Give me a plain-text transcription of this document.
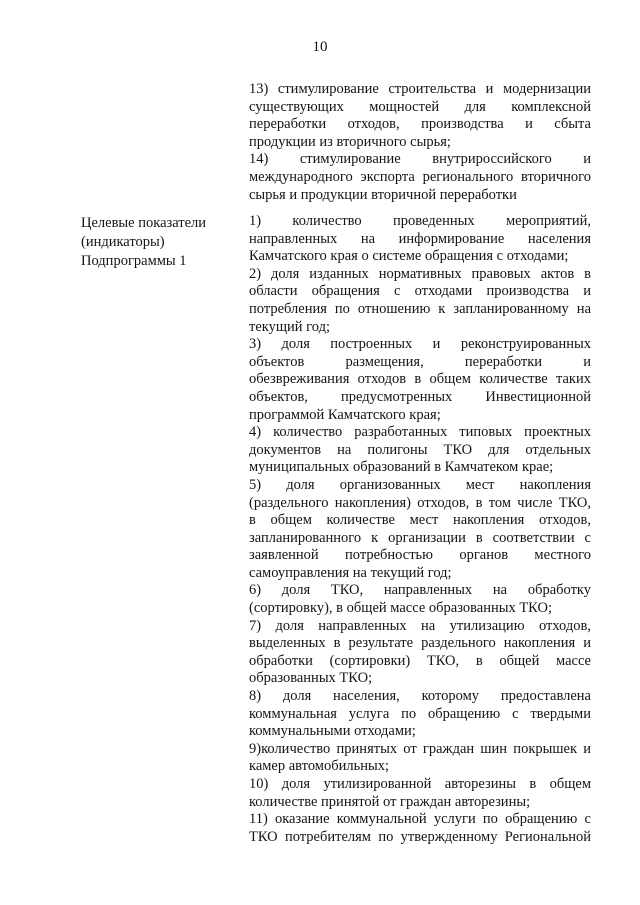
10
13) стимулирование строительства и модернизации
существующих мощностей для комплексной
переработки отходов, производства и сбыта
продукции из вторичного сырья;
14) стимулирование внутрироссийского и
международного экспорта регионального вторичного
сырья и продукции вторичной переработки
Целевые показатели
(индикаторы)
Подпрограммы 1
1) количество проведенных мероприятий,
направленных на информирование населения
Камчатского края о системе обращения с отходами;
2) доля изданных нормативных правовых актов в
области обращения с отходами производства и
потребления по отношению к запланированному на
текущий год;
3) доля построенных и реконструированных
объектов размещения, переработки и
обезвреживания отходов в общем количестве таких
объектов, предусмотренных Инвестиционной
программой Камчатского края;
4) количество разработанных типовых проектных
документов на полигоны ТКО для отдельных
муниципальных образований в Камчатеком крае;
5) доля организованных мест накопления
(раздельного накопления) отходов, в том числе ТКО,
в общем количестве мест накопления отходов,
запланированного к организации в соответствии с
заявленной потребностью органов местного
самоуправления на текущий год;
6) доля ТКО, направленных на обработку
(сортировку), в общей массе образованных ТКО;
7) доля направленных на утилизацию отходов,
выделенных в результате раздельного накопления и
обработки (сортировки) ТКО, в общей массе
образованных ТКО;
8) доля населения, которому предоставлена
коммунальная услуга по обращению с твердыми
коммунальными отходами;
9)количество принятых от граждан шин покрышек и
камер автомобильных;
10) доля утилизированной авторезины в общем
количестве принятой от граждан авторезины;
11) оказание коммунальной услуги по обращению с
ТКО потребителям по утвержденному Региональной
